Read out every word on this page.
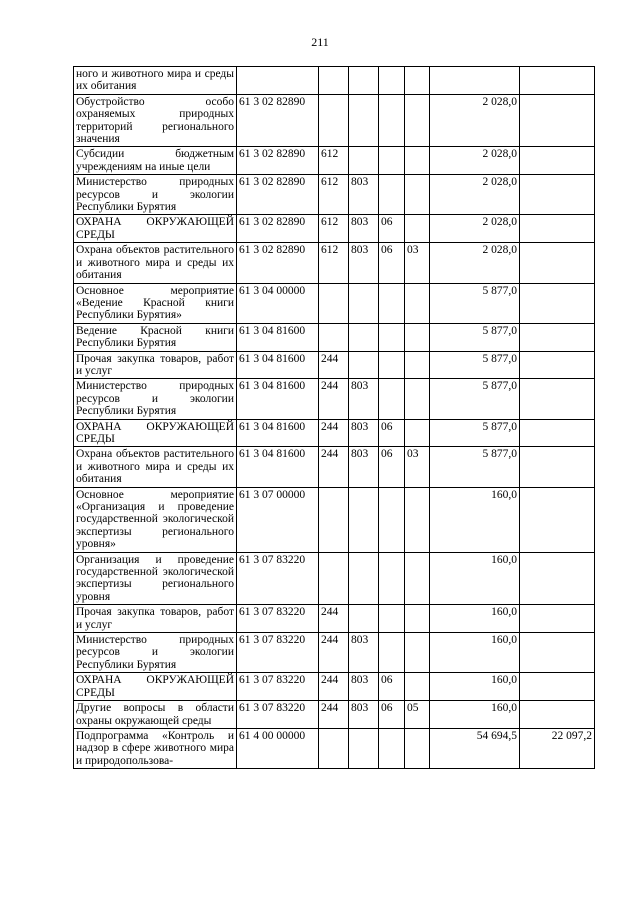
211
ного и животного мира и среды их обитания							
Обустройство особо охраняемых природных территорий регионального значения	61 3 02 82890					2 028,0	
Субсидии бюджетным учреждениям на иные цели	61 3 02 82890	612				2 028,0	
Министерство природных ресурсов и экологии Республики Бурятия	61 3 02 82890	612	803			2 028,0	
ОХРАНА ОКРУЖАЮЩЕЙ СРЕДЫ	61 3 02 82890	612	803	06		2 028,0	
Охрана объектов растительного и животного мира и среды их обитания	61 3 02 82890	612	803	06	03	2 028,0	
Основное мероприятие «Ведение Красной книги Республики Бурятия»	61 3 04 00000					5 877,0	
Ведение Красной книги Республики Бурятия	61 3 04 81600					5 877,0	
Прочая закупка товаров, работ и услуг	61 3 04 81600	244				5 877,0	
Министерство природных ресурсов и экологии Республики Бурятия	61 3 04 81600	244	803			5 877,0	
ОХРАНА ОКРУЖАЮЩЕЙ СРЕДЫ	61 3 04 81600	244	803	06		5 877,0	
Охрана объектов растительного и животного мира и среды их обитания	61 3 04 81600	244	803	06	03	5 877,0	
Основное мероприятие «Организация и проведение государственной экологической экспертизы регионального уровня»	61 3 07 00000					160,0	
Организация и проведение государственной экологической экспертизы регионального уровня	61 3 07 83220					160,0	
Прочая закупка товаров, работ и услуг	61 3 07 83220	244				160,0	
Министерство природных ресурсов и экологии Республики Бурятия	61 3 07 83220	244	803			160,0	
ОХРАНА ОКРУЖАЮЩЕЙ СРЕДЫ	61 3 07 83220	244	803	06		160,0	
Другие вопросы в области охраны окружающей среды	61 3 07 83220	244	803	06	05	160,0	
Подпрограмма «Контроль и надзор в сфере животного мира и природопользова-	61 4 00 00000					54 694,5	22 097,2
